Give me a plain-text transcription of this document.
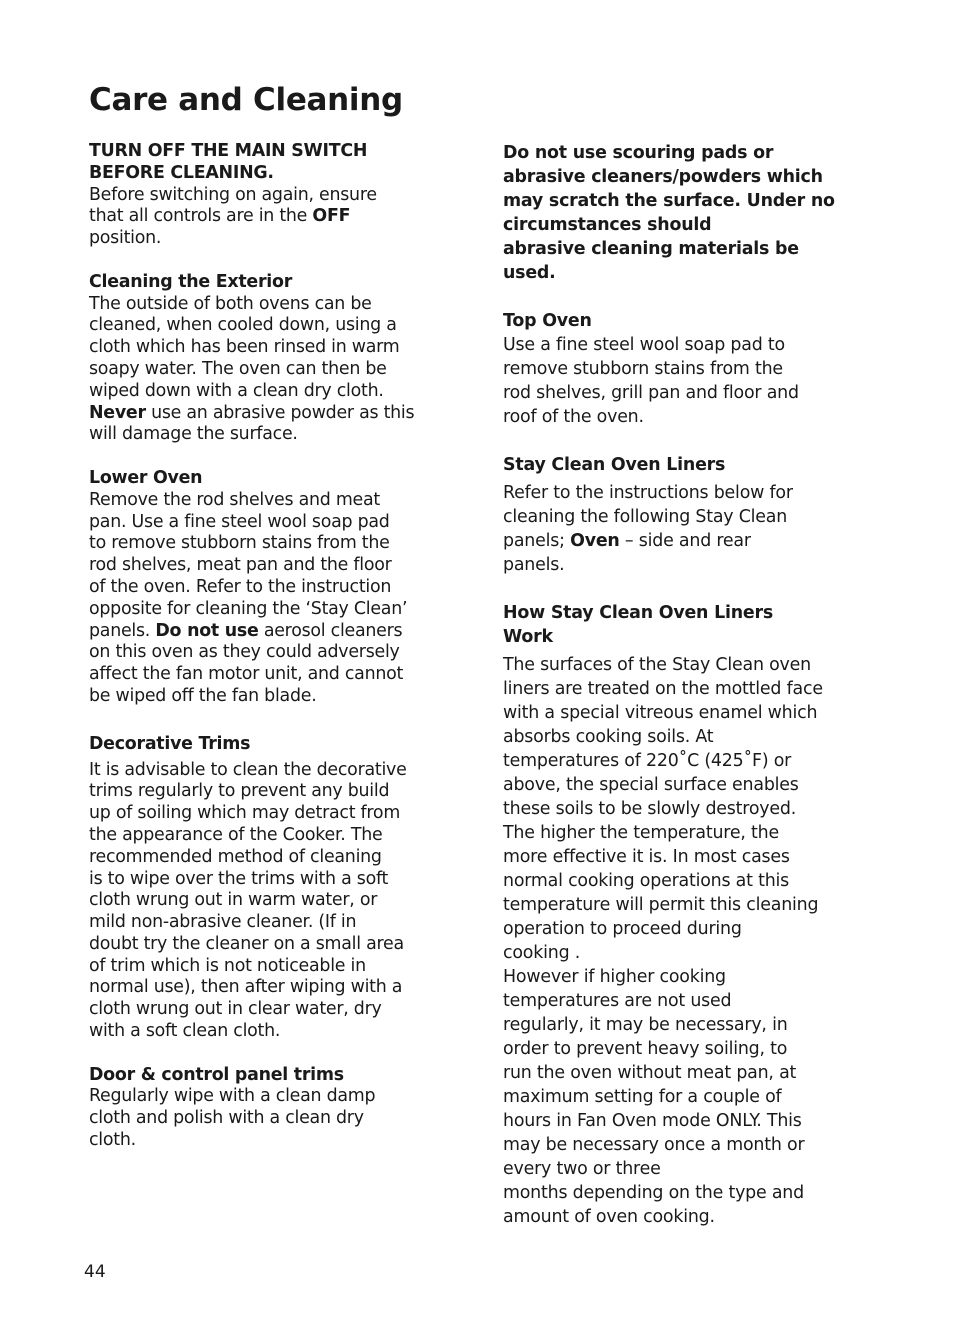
Care and Cleaning

TURN OFF THE MAIN SWITCH

BEFORE CLEANING.

Before switching on again, ensure

that all controls are in the OFF

position.

Cleaning the Exterior

The outside of both ovens can be

cleaned, when cooled down, using a

cloth which has been rinsed in warm

soapy water. The oven can then be

wiped down with a clean dry cloth.

Never use an abrasive powder as this

will damage the surface.

Lower Oven

Remove the rod shelves and meat

pan. Use a fine steel wool soap pad

to remove stubborn stains from the

rod shelves, meat pan and the floor

of the oven. Refer to the instruction

opposite for cleaning the ‘Stay Clean’

panels. Do not use aerosol cleaners

on this oven as they could adversely

affect the fan motor unit, and cannot

be wiped off the fan blade.

Decorative Trims

It is advisable to clean the decorative

trims regularly to prevent any build

up of soiling which may detract from

the appearance of the Cooker. The

recommended method of cleaning

is to wipe over the trims with a soft

cloth wrung out in warm water, or

mild non-abrasive cleaner. (If in

doubt try the cleaner on a small area

of trim which is not noticeable in

normal use), then after wiping with a

cloth wrung out in clear water, dry

with a soft clean cloth.

Door & control panel trims

Regularly wipe with a clean damp

cloth and polish with a clean dry

cloth.

Do not use scouring pads or

abrasive cleaners/powders which

may scratch the surface. Under no

circumstances should

abrasive cleaning materials be

used.

Top Oven

Use a fine steel wool soap pad to

remove stubborn stains from the

rod shelves, grill pan and floor and

roof of the oven.

Stay Clean Oven Liners

Refer to the instructions below for

cleaning the following Stay Clean

panels; Oven – side and rear

panels.

How Stay Clean Oven Liners

Work

The surfaces of the Stay Clean oven

liners are treated on the mottled face

with a special vitreous enamel which

absorbs cooking soils. At

temperatures of 220˚C (425˚F) or

above, the special surface enables

these soils to be slowly destroyed.

The higher the temperature, the

more effective it is. In most cases

normal cooking operations at this

temperature will permit this cleaning

operation to proceed during

cooking .

However if higher cooking

temperatures are not used

regularly, it may be necessary, in

order to prevent heavy soiling, to

run the oven without meat pan, at

maximum setting for a couple of

hours in Fan Oven mode ONLY. This

may be necessary once a month or

every two or three

months depending on the type and

amount of oven cooking.

44
